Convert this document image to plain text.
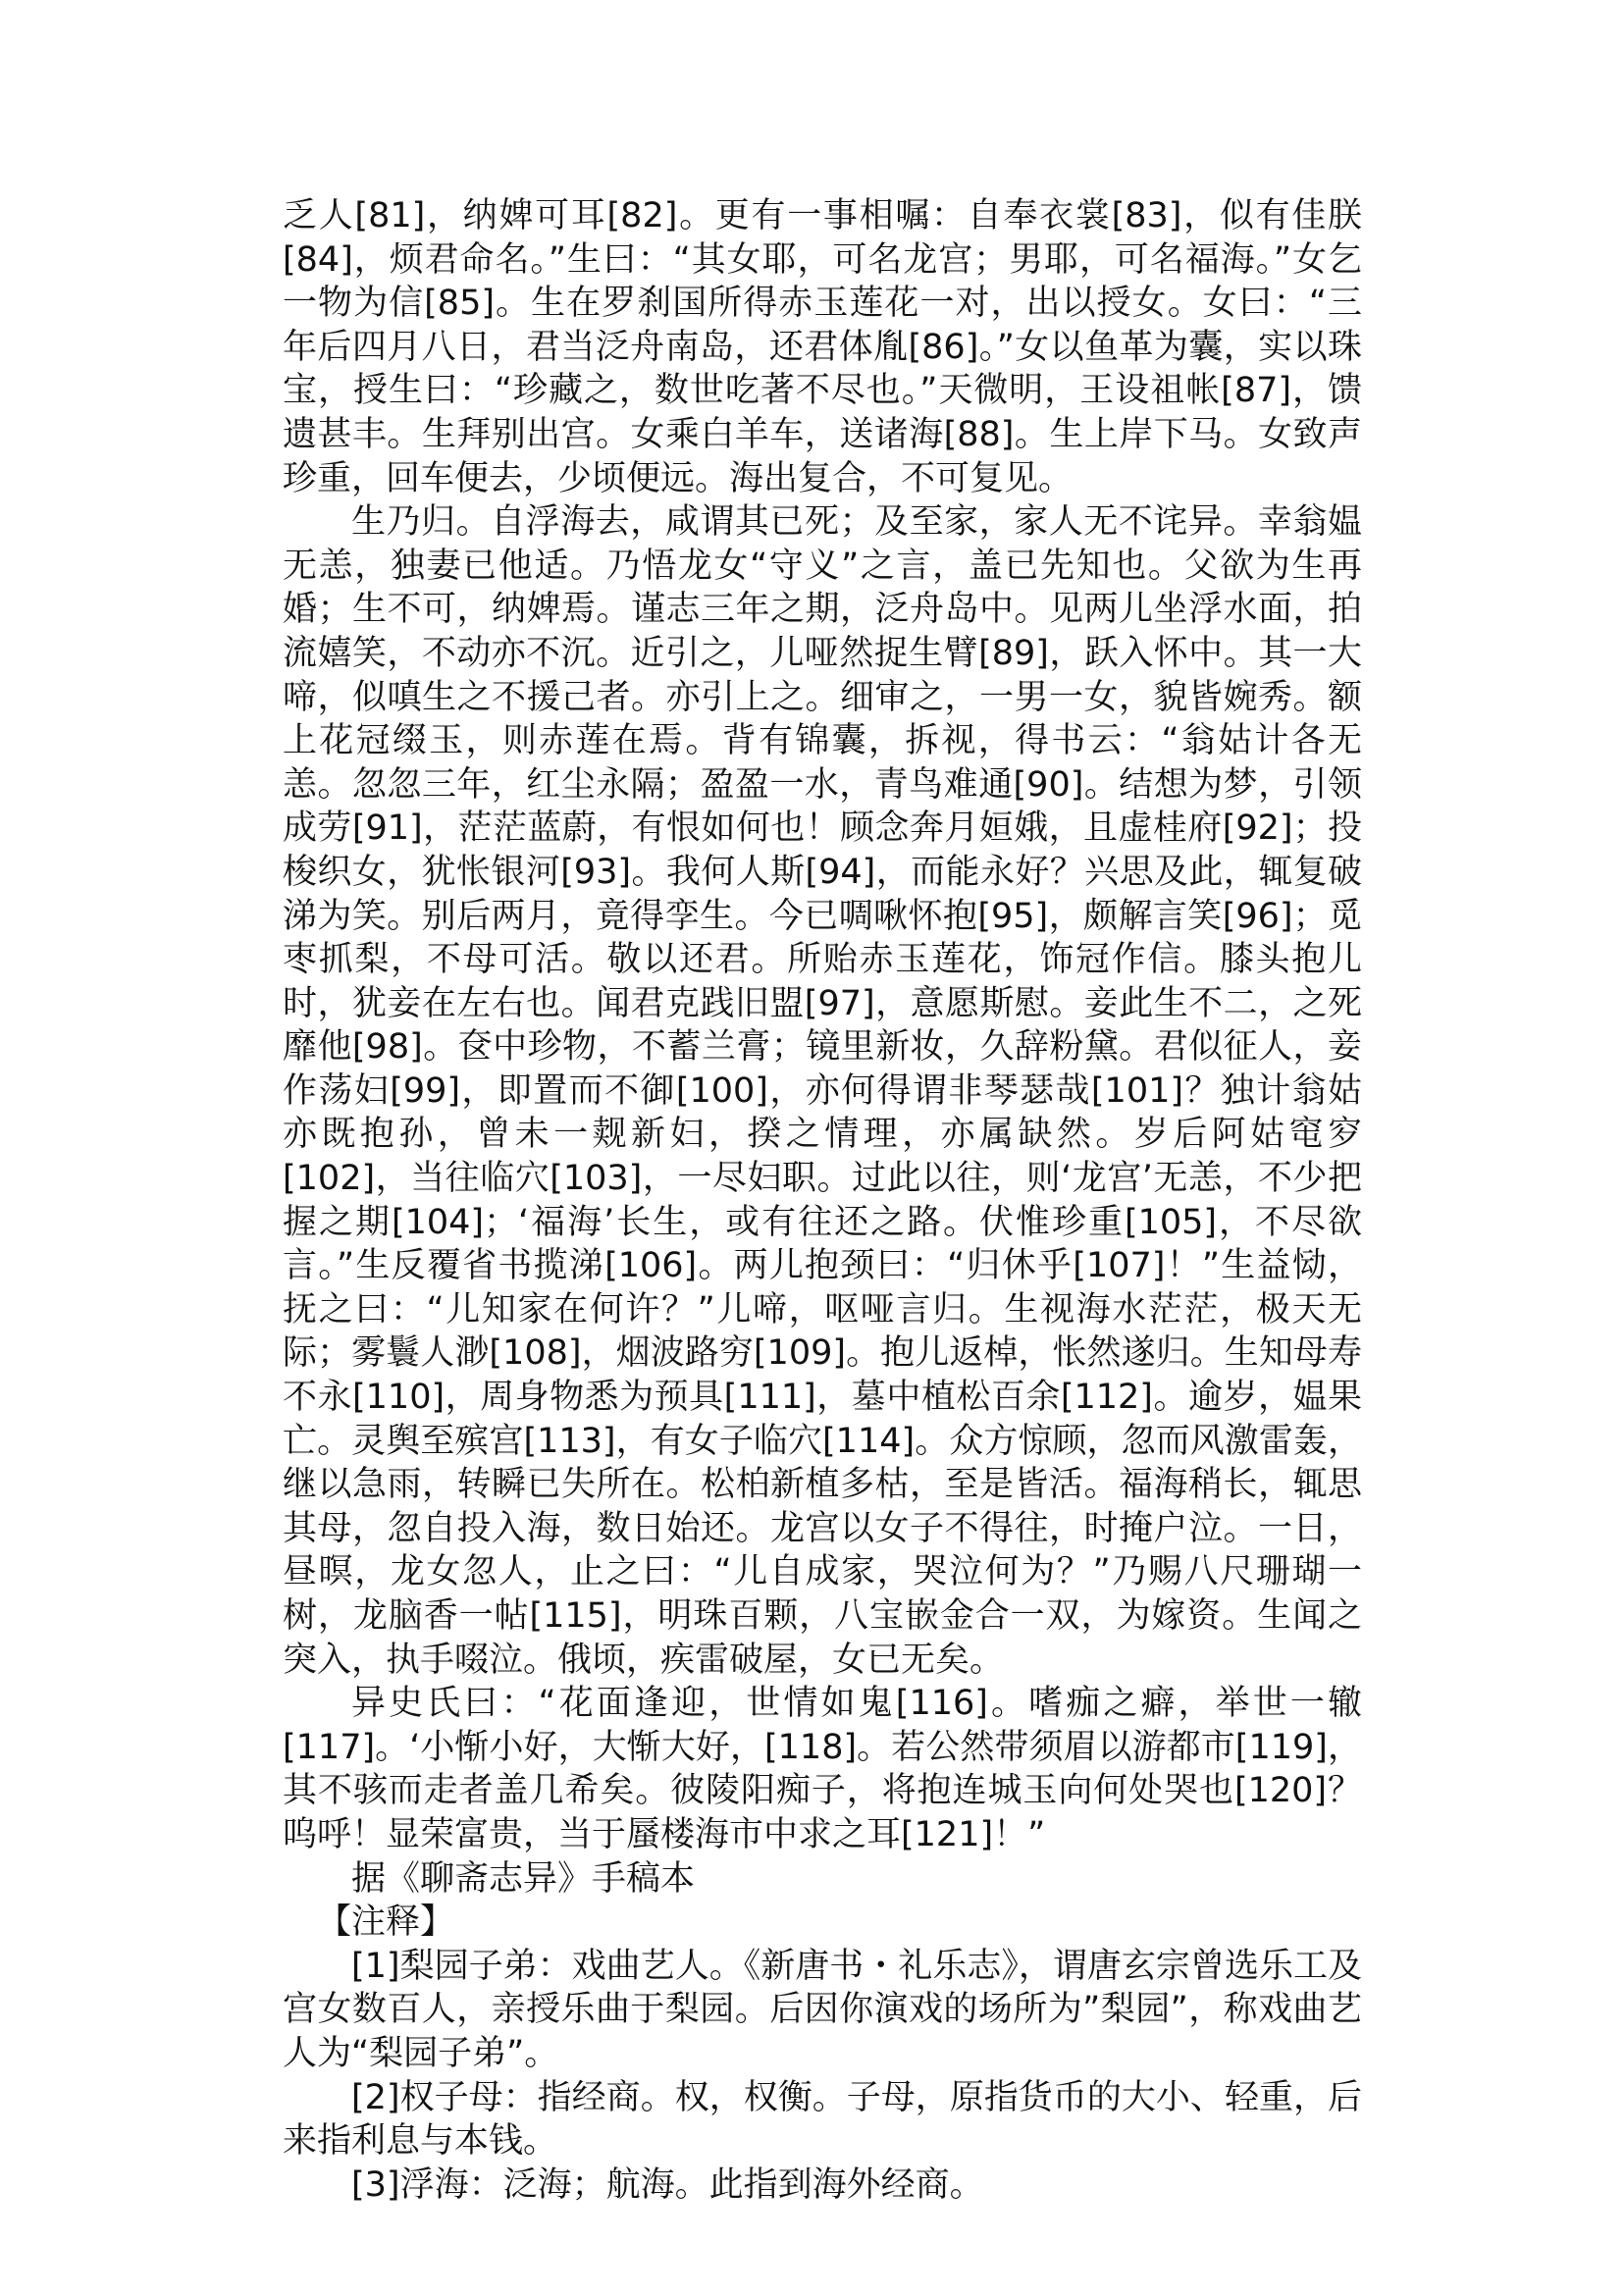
乏人[81]，纳婢可耳[82]。更有一事相嘱：自奉衣裳[83]，似有佳朕[84]，烦君命名。”生曰：“其女耶，可名龙宫；男耶，可名福海。”女乞一物为信[85]。生在罗刹国所得赤玉莲花一对，出以授女。女曰：“三年后四月八日，君当泛舟南岛，还君体胤[86]。”女以鱼革为囊，实以珠宝，授生曰：“珍藏之，数世吃著不尽也。”天微明，王设祖帐[87]，馈遗甚丰。生拜别出宫。女乘白羊车，送诸海[88]。生上岸下马。女致声珍重，回车便去，少顷便远。海出复合，不可复见。

生乃归。自浮海去，咸谓其已死；及至家，家人无不诧异。幸翁媪无恙，独妻已他适。乃悟龙女“守义”之言，盖已先知也。父欲为生再婚；生不可，纳婢焉。谨志三年之期，泛舟岛中。见两儿坐浮水面，拍流嬉笑，不动亦不沉。近引之，儿哑然捉生臂[89]，跃入怀中。其一大啼，似嗔生之不援己者。亦引上之。细审之，一男一女，貌皆婉秀。额上花冠缀玉，则赤莲在焉。背有锦囊，拆视，得书云：“翁姑计各无恙。忽忽三年，红尘永隔；盈盈一水，青鸟难通[90]。结想为梦，引领成劳[91]，茫茫蓝蔚，有恨如何也！顾念奔月姮娥，且虚桂府[92]；投梭织女，犹怅银河[93]。我何人斯[94]，而能永好？兴思及此，辄复破涕为笑。别后两月，竟得孪生。今已啁啾怀抱[95]，颇解言笑[96]；觅枣抓梨，不母可活。敬以还君。所贻赤玉莲花，饰冠作信。膝头抱儿时，犹妾在左右也。闻君克践旧盟[97]，意愿斯慰。妾此生不二，之死靡他[98]。奁中珍物，不蓄兰膏；镜里新妆，久辞粉黛。君似征人，妾作荡妇[99]，即置而不御[100]，亦何得谓非琴瑟哉[101]？独计翁姑亦既抱孙，曾未一觌新妇，揆之情理，亦属缺然。岁后阿姑窀穸[102]，当往临穴[103]，一尽妇职。过此以往，则‘龙宫’无恙，不少把握之期[104]；‘福海’长生，或有往还之路。伏惟珍重[105]，不尽欲言。”生反覆省书揽涕[106]。两儿抱颈曰：“归休乎[107]！”生益恸，抚之曰：“儿知家在何许？”儿啼，呕哑言归。生视海水茫茫，极天无际；雾鬟人渺[108]，烟波路穷[109]。抱儿返棹，怅然遂归。生知母寿不永[110]，周身物悉为预具[111]，墓中植松百余[112]。逾岁，媪果亡。灵舆至殡宫[113]，有女子临穴[114]。众方惊顾，忽而风激雷轰，继以急雨，转瞬已失所在。松柏新植多枯，至是皆活。福海稍长，辄思其母，忽自投入海，数日始还。龙宫以女子不得往，时掩户泣。一日，昼暝，龙女忽人，止之曰：“儿自成家，哭泣何为？”乃赐八尺珊瑚一树，龙脑香一帖[115]，明珠百颗，八宝嵌金合一双，为嫁资。生闻之突入，执手啜泣。俄顷，疾雷破屋，女已无矣。

异史氏曰：“花面逢迎，世情如鬼[116]。嗜痂之癖，举世一辙[117]。‘小惭小好，大惭大好，[118]。若公然带须眉以游都市[119]，其不骇而走者盖几希矣。彼陵阳痴子，将抱连城玉向何处哭也[120]？呜呼！显荣富贵，当于蜃楼海市中求之耳[121]！”

据《聊斋志异》手稿本

【注释】

[1]梨园子弟：戏曲艺人。《新唐书・礼乐志》，谓唐玄宗曾选乐工及宫女数百人，亲授乐曲于梨园。后因你演戏的场所为”梨园”，称戏曲艺人为“梨园子弟”。

[2]权子母：指经商。权，权衡。子母，原指货币的大小、轻重，后来指利息与本钱。

[3]浮海：泛海；航海。此指到海外经商。
